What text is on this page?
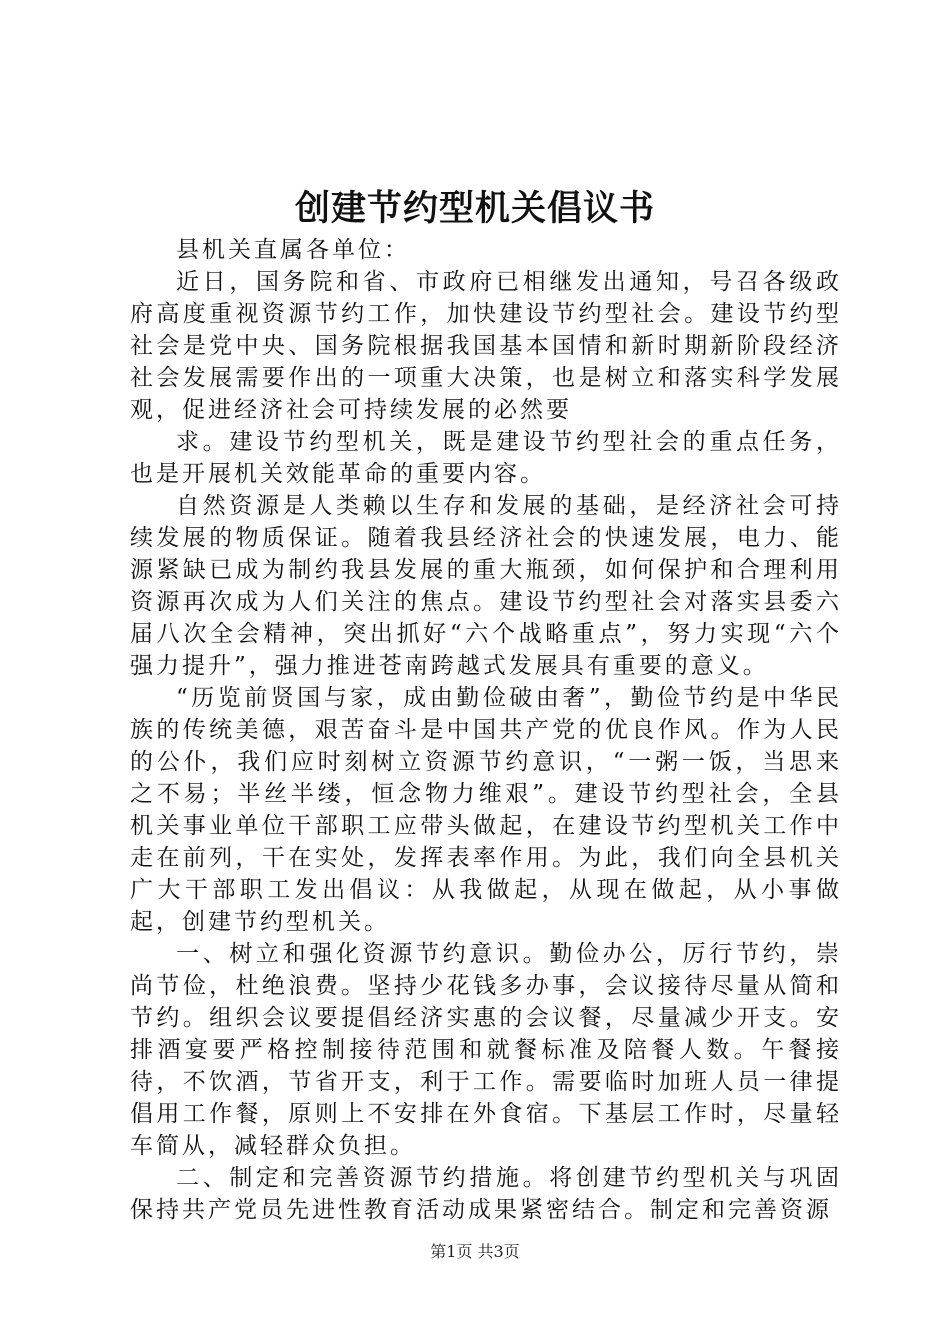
创建节约型机关倡议书

县机关直属各单位：

近日，国务院和省、市政府已相继发出通知，号召各级政府高度重视资源节约工作，加快建设节约型社会。建设节约型社会是党中央、国务院根据我国基本国情和新时期新阶段经济社会发展需要作出的一项重大决策，也是树立和落实科学发展观，促进经济社会可持续发展的必然要

求。建设节约型机关，既是建设节约型社会的重点任务，也是开展机关效能革命的重要内容。

自然资源是人类赖以生存和发展的基础，是经济社会可持续发展的物质保证。随着我县经济社会的快速发展，电力、能源紧缺已成为制约我县发展的重大瓶颈，如何保护和合理利用资源再次成为人们关注的焦点。建设节约型社会对落实县委六届八次全会精神，突出抓好“六个战略重点”，努力实现“六个强力提升”，强力推进苍南跨越式发展具有重要的意义。

“历览前贤国与家，成由勤俭破由奢”，勤俭节约是中华民族的传统美德，艰苦奋斗是中国共产党的优良作风。作为人民的公仆，我们应时刻树立资源节约意识，“一粥一饭，当思来之不易；半丝半缕，恒念物力维艰”。建设节约型社会，全县机关事业单位干部职工应带头做起，在建设节约型机关工作中走在前列，干在实处，发挥表率作用。为此，我们向全县机关广大干部职工发出倡议：从我做起，从现在做起，从小事做起，创建节约型机关。

一、树立和强化资源节约意识。勤俭办公，厉行节约，崇尚节俭，杜绝浪费。坚持少花钱多办事，会议接待尽量从简和节约。组织会议要提倡经济实惠的会议餐，尽量减少开支。安排酒宴要严格控制接待范围和就餐标准及陪餐人数。午餐接待，不饮酒，节省开支，利于工作。需要临时加班人员一律提倡用工作餐，原则上不安排在外食宿。下基层工作时，尽量轻车简从，减轻群众负担。

二、制定和完善资源节约措施。将创建节约型机关与巩固保持共产党员先进性教育活动成果紧密结合。制定和完善资源

第1页 共3页
